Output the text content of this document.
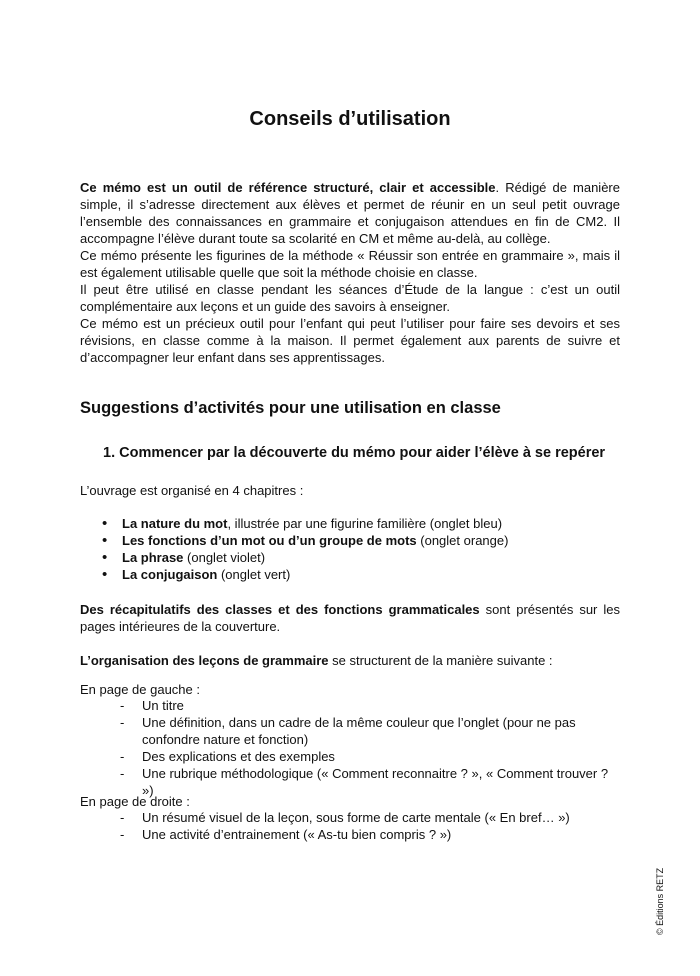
Conseils d’utilisation

Ce mémo est un outil de référence structuré, clair et accessible. Rédigé de manière simple, il s’adresse directement aux élèves et permet de réunir en un seul petit ouvrage l’ensemble des connaissances en grammaire et conjugaison attendues en fin de CM2. Il accompagne l’élève durant toute sa scolarité en CM et même au-delà, au collège.

Ce mémo présente les figurines de la méthode « Réussir son entrée en grammaire », mais il est également utilisable quelle que soit la méthode choisie en classe.

Il peut être utilisé en classe pendant les séances d’Étude de la langue : c’est un outil complémentaire aux leçons et un guide des savoirs à enseigner.

Ce mémo est un précieux outil pour l’enfant qui peut l’utiliser pour faire ses devoirs et ses révisions, en classe comme à la maison. Il permet également aux parents de suivre et d’accompagner leur enfant dans ses apprentissages.

Suggestions d’activités pour une utilisation en classe
1. Commencer par la découverte du mémo pour aider l’élève à se repérer
L’ouvrage est organisé en 4 chapitres :
• La nature du mot, illustrée par une figurine familière (onglet bleu)
• Les fonctions d’un mot ou d’un groupe de mots (onglet orange)
• La phrase (onglet violet)
• La conjugaison (onglet vert)
Des récapitulatifs des classes et des fonctions grammaticales sont présentés sur les pages intérieures de la couverture.
L’organisation des leçons de grammaire se structurent de la manière suivante :
En page de gauche :
- Un titre
- Une définition, dans un cadre de la même couleur que l’onglet (pour ne pas confondre nature et fonction)
- Des explications et des exemples
- Une rubrique méthodologique (« Comment reconnaitre ? », « Comment trouver ? »)
En page de droite :
- Un résumé visuel de la leçon, sous forme de carte mentale (« En bref… »)
- Une activité d’entrainement (« As-tu bien compris ? »)
© Éditions RETZ
